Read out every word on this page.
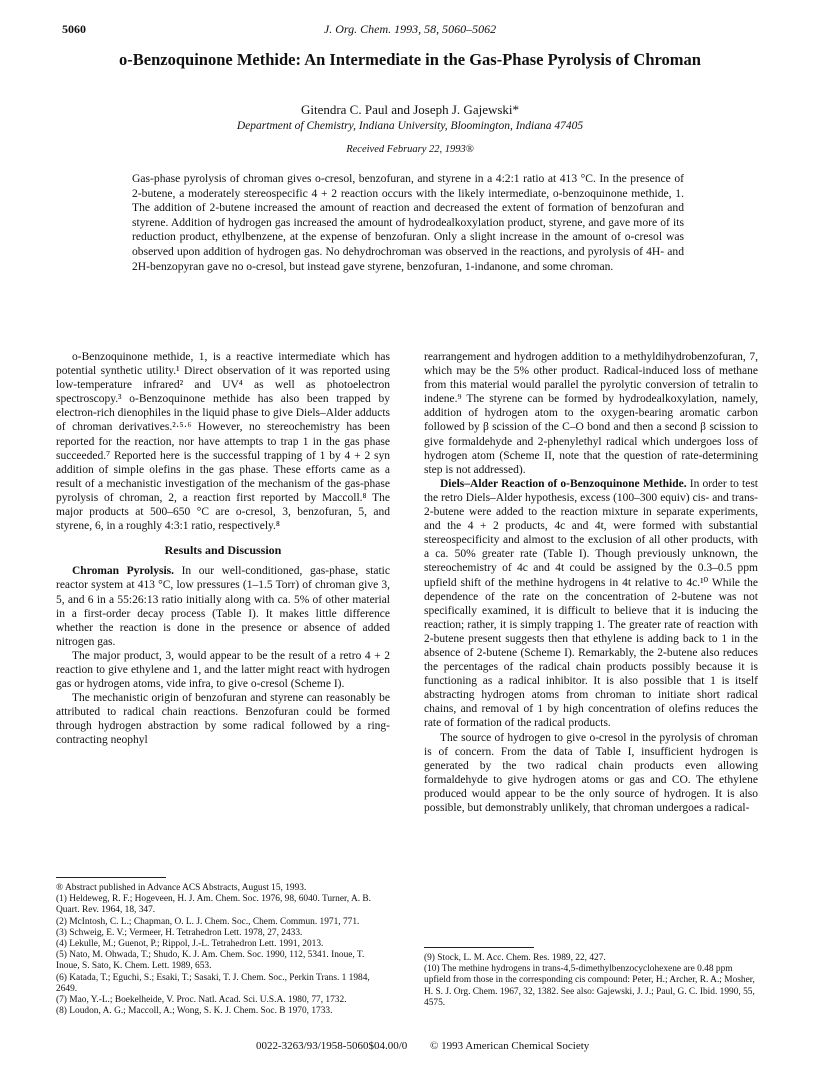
5060	J. Org. Chem. 1993, 58, 5060–5062
o-Benzoquinone Methide: An Intermediate in the Gas-Phase Pyrolysis of Chroman
Gitendra C. Paul and Joseph J. Gajewski*
Department of Chemistry, Indiana University, Bloomington, Indiana 47405
Received February 22, 1993®
Gas-phase pyrolysis of chroman gives o-cresol, benzofuran, and styrene in a 4:2:1 ratio at 413 °C. In the presence of 2-butene, a moderately stereospecific 4 + 2 reaction occurs with the likely intermediate, o-benzoquinone methide, 1. The addition of 2-butene increased the amount of reaction and decreased the extent of formation of benzofuran and styrene. Addition of hydrogen gas increased the amount of hydrodealkoxylation product, styrene, and gave more of its reduction product, ethylbenzene, at the expense of benzofuran. Only a slight increase in the amount of o-cresol was observed upon addition of hydrogen gas. No dehydrochroman was observed in the reactions, and pyrolysis of 4H- and 2H-benzopyran gave no o-cresol, but instead gave styrene, benzofuran, 1-indanone, and some chroman.

o-Benzoquinone methide, 1, is a reactive intermediate which has potential synthetic utility.¹ Direct observation of it was reported using low-temperature infrared² and UV⁴ as well as photoelectron spectroscopy.³ o-Benzoquinone methide has also been trapped by electron-rich dienophiles in the liquid phase to give Diels–Alder adducts of chroman derivatives.²·⁵·⁶ However, no stereochemistry has been reported for the reaction, nor have attempts to trap 1 in the gas phase succeeded.⁷ Reported here is the successful trapping of 1 by 4 + 2 syn addition of simple olefins in the gas phase. These efforts came as a result of a mechanistic investigation of the mechanism of the gas-phase pyrolysis of chroman, 2, a reaction first reported by Maccoll.⁸ The major products at 500–650 °C are o-cresol, 3, benzofuran, 5, and styrene, 6, in a roughly 4:3:1 ratio, respectively.⁸

Results and Discussion

Chroman Pyrolysis. In our well-conditioned, gas-phase, static reactor system at 413 °C, low pressures (1–1.5 Torr) of chroman give 3, 5, and 6 in a 55:26:13 ratio initially along with ca. 5% of other material in a first-order decay process (Table I). It makes little difference whether the reaction is done in the presence or absence of added nitrogen gas.

The major product, 3, would appear to be the result of a retro 4 + 2 reaction to give ethylene and 1, and the latter might react with hydrogen gas or hydrogen atoms, vide infra, to give o-cresol (Scheme I).

The mechanistic origin of benzofuran and styrene can reasonably be attributed to radical chain reactions. Benzofuran could be formed through hydrogen abstraction by some radical followed by a ring-contracting neophyl

® Abstract published in Advance ACS Abstracts, August 15, 1993.

(1) Heldeweg, R. F.; Hogeveen, H. J. Am. Chem. Soc. 1976, 98, 6040. Turner, A. B. Quart. Rev. 1964, 18, 347.

(2) McIntosh, C. L.; Chapman, O. L. J. Chem. Soc., Chem. Commun. 1971, 771.

(3) Schweig, E. V.; Vermeer, H. Tetrahedron Lett. 1978, 27, 2433.

(4) Lekulle, M.; Guenot, P.; Rippol, J.-L. Tetrahedron Lett. 1991, 2013.

(5) Nato, M. Ohwada, T.; Shudo, K. J. Am. Chem. Soc. 1990, 112, 5341. Inoue, T. Inoue, S. Sato, K. Chem. Lett. 1989, 653.

(6) Katada, T.; Eguchi, S.; Esaki, T.; Sasaki, T. J. Chem. Soc., Perkin Trans. 1 1984, 2649.

(7) Mao, Y.-L.; Boekelheide, V. Proc. Natl. Acad. Sci. U.S.A. 1980, 77, 1732.

(8) Loudon, A. G.; Maccoll, A.; Wong, S. K. J. Chem. Soc. B 1970, 1733.

rearrangement and hydrogen addition to a methyldihydrobenzofuran, 7, which may be the 5% other product. Radical-induced loss of methane from this material would parallel the pyrolytic conversion of tetralin to indene.⁹ The styrene can be formed by hydrodealkoxylation, namely, addition of hydrogen atom to the oxygen-bearing aromatic carbon followed by β scission of the C–O bond and then a second β scission to give formaldehyde and 2-phenylethyl radical which undergoes loss of hydrogen atom (Scheme II, note that the question of rate-determining step is not addressed).

Diels–Alder Reaction of o-Benzoquinone Methide. In order to test the retro Diels–Alder hypothesis, excess (100–300 equiv) cis- and trans-2-butene were added to the reaction mixture in separate experiments, and the 4 + 2 products, 4c and 4t, were formed with substantial stereospecificity and almost to the exclusion of all other products, with a ca. 50% greater rate (Table I). Though previously unknown, the stereochemistry of 4c and 4t could be assigned by the 0.3–0.5 ppm upfield shift of the methine hydrogens in 4t relative to 4c.¹⁰ While the dependence of the rate on the concentration of 2-butene was not specifically examined, it is difficult to believe that it is inducing the reaction; rather, it is simply trapping 1. The greater rate of reaction with 2-butene present suggests then that ethylene is adding back to 1 in the absence of 2-butene (Scheme I). Remarkably, the 2-butene also reduces the percentages of the radical chain products possibly because it is functioning as a radical inhibitor. It is also possible that 1 is itself abstracting hydrogen atoms from chroman to initiate short radical chains, and removal of 1 by high concentration of olefins reduces the rate of formation of the radical products.

The source of hydrogen to give o-cresol in the pyrolysis of chroman is of concern. From the data of Table I, insufficient hydrogen is generated by the two radical chain products even allowing formaldehyde to give hydrogen atoms or gas and CO. The ethylene produced would appear to be the only source of hydrogen. It is also possible, but demonstrably unlikely, that chroman undergoes a radical-

(9) Stock, L. M. Acc. Chem. Res. 1989, 22, 427.

(10) The methine hydrogens in trans-4,5-dimethylbenzocyclohexene are 0.48 ppm upfield from those in the corresponding cis compound: Peter, H.; Archer, R. A.; Mosher, H. S. J. Org. Chem. 1967, 32, 1382. See also: Gajewski, J. J.; Paul, G. C. Ibid. 1990, 55, 4575.

0022-3263/93/1958-5060$04.00/0 © 1993 American Chemical Society
